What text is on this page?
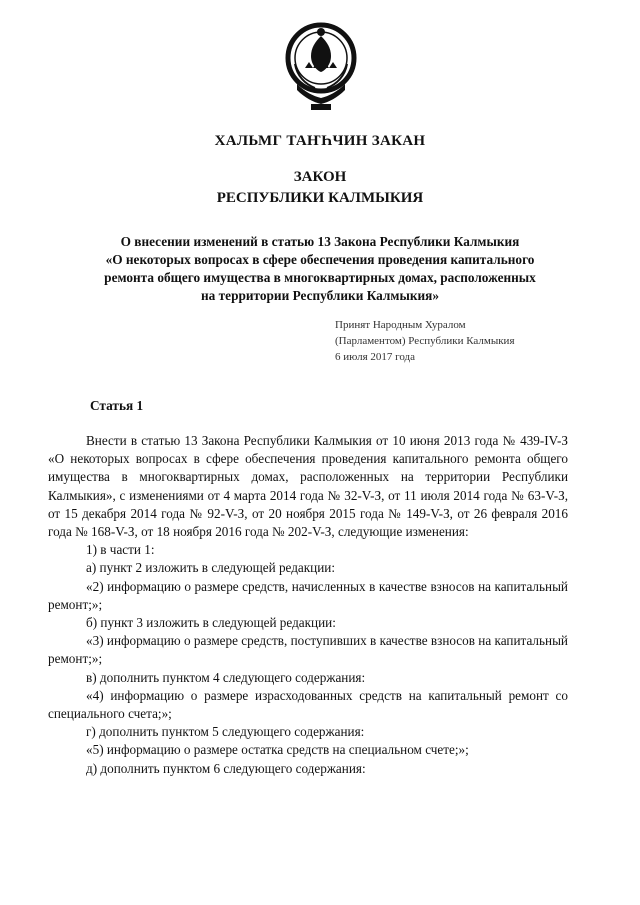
ХАЛЬМГ ТАҤҺЧИН ЗАКАН
ЗАКОН
РЕСПУБЛИКИ КАЛМЫКИЯ
О внесении изменений в статью 13 Закона Республики Калмыкия
«О некоторых вопросах в сфере обеспечения проведения капитального
ремонта общего имущества в многоквартирных домах, расположенных
на территории Республики Калмыкия»
Принят Народным Хуралом
(Парламентом) Республики Калмыкия
6 июля 2017 года
Статья 1

Внести в статью 13 Закона Республики Калмыкия от 10 июня 2013 года № 439-IV-З «О некоторых вопросах в сфере обеспечения проведения капитального ремонта общего имущества в многоквартирных домах, расположенных на территории Республики Калмыкия», с изменениями от 4 марта 2014 года № 32-V-З, от 11 июля 2014 года № 63-V-З, от 15 декабря 2014 года № 92-V-З, от 20 ноября 2015 года № 149-V-З, от 26 февраля 2016 года № 168-V-З, от 18 ноября 2016 года № 202-V-З, следующие изменения:

1) в части 1:

а) пункт 2 изложить в следующей редакции:

«2) информацию о размере средств, начисленных в качестве взносов на капитальный ремонт;»;

б) пункт 3 изложить в следующей редакции:

«3) информацию о размере средств, поступивших в качестве взносов на капитальный ремонт;»;

в) дополнить пунктом 4 следующего содержания:

«4) информацию о размере израсходованных средств на капитальный ремонт со специального счета;»;

г) дополнить пунктом 5 следующего содержания:

«5) информацию о размере остатка средств на специальном счете;»;

д) дополнить пунктом 6 следующего содержания:
